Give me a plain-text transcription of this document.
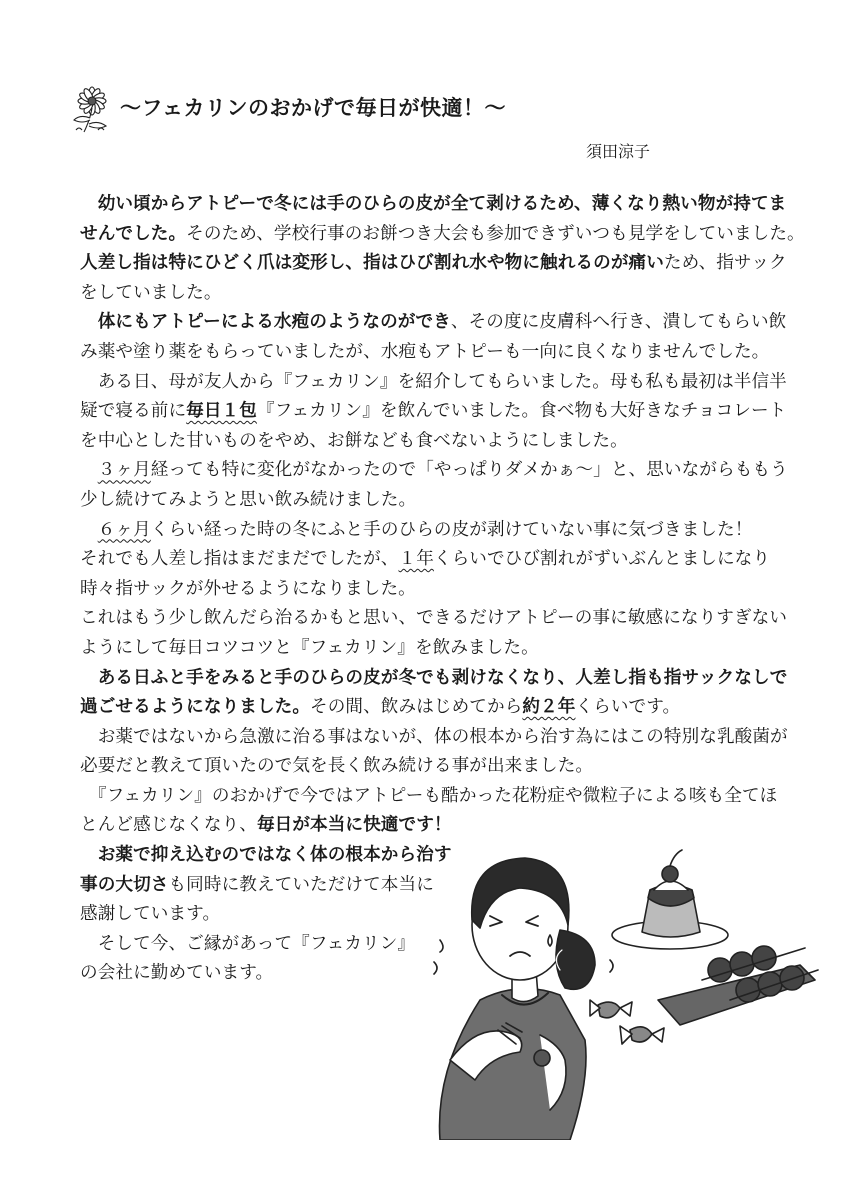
〜フェカリンのおかげで毎日が快適！〜
須田涼子
　幼い頃からアトピーで冬には手のひらの皮が全て剥けるため、薄くなり熱い物が持てま
せんでした。そのため、学校行事のお餅つき大会も参加できずいつも見学をしていました。
人差し指は特にひどく爪は変形し、指はひび割れ水や物に触れるのが痛いため、指サック
をしていました。
　体にもアトピーによる水疱のようなのができ、その度に皮膚科へ行き、潰してもらい飲
み薬や塗り薬をもらっていましたが、水疱もアトピーも一向に良くなりませんでした。
　ある日、母が友人から『フェカリン』を紹介してもらいました。母も私も最初は半信半
疑で寝る前に毎日１包『フェカリン』を飲んでいました。食べ物も大好きなチョコレート
を中心とした甘いものをやめ、お餅なども食べないようにしました。
　３ヶ月経っても特に変化がなかったので「やっぱりダメかぁ〜」と、思いながらももう
少し続けてみようと思い飲み続けました。
　６ヶ月くらい経った時の冬にふと手のひらの皮が剥けていない事に気づきました！
それでも人差し指はまだまだでしたが、１年くらいでひび割れがずいぶんとましになり
時々指サックが外せるようになりました。
これはもう少し飲んだら治るかもと思い、できるだけアトピーの事に敏感になりすぎない
ようにして毎日コツコツと『フェカリン』を飲みました。
　ある日ふと手をみると手のひらの皮が冬でも剥けなくなり、人差し指も指サックなしで
過ごせるようになりました。その間、飲みはじめてから約２年くらいです。
　お薬ではないから急激に治る事はないが、体の根本から治す為にはこの特別な乳酸菌が
必要だと教えて頂いたので気を長く飲み続ける事が出来ました。
　『フェカリン』のおかげで今ではアトピーも酷かった花粉症や微粒子による咳も全てほ
とんど感じなくなり、毎日が本当に快適です！
　お薬で抑え込むのではなく体の根本から治す
事の大切さも同時に教えていただけて本当に
感謝しています。
　そして今、ご縁があって『フェカリン』
の会社に勤めています。
